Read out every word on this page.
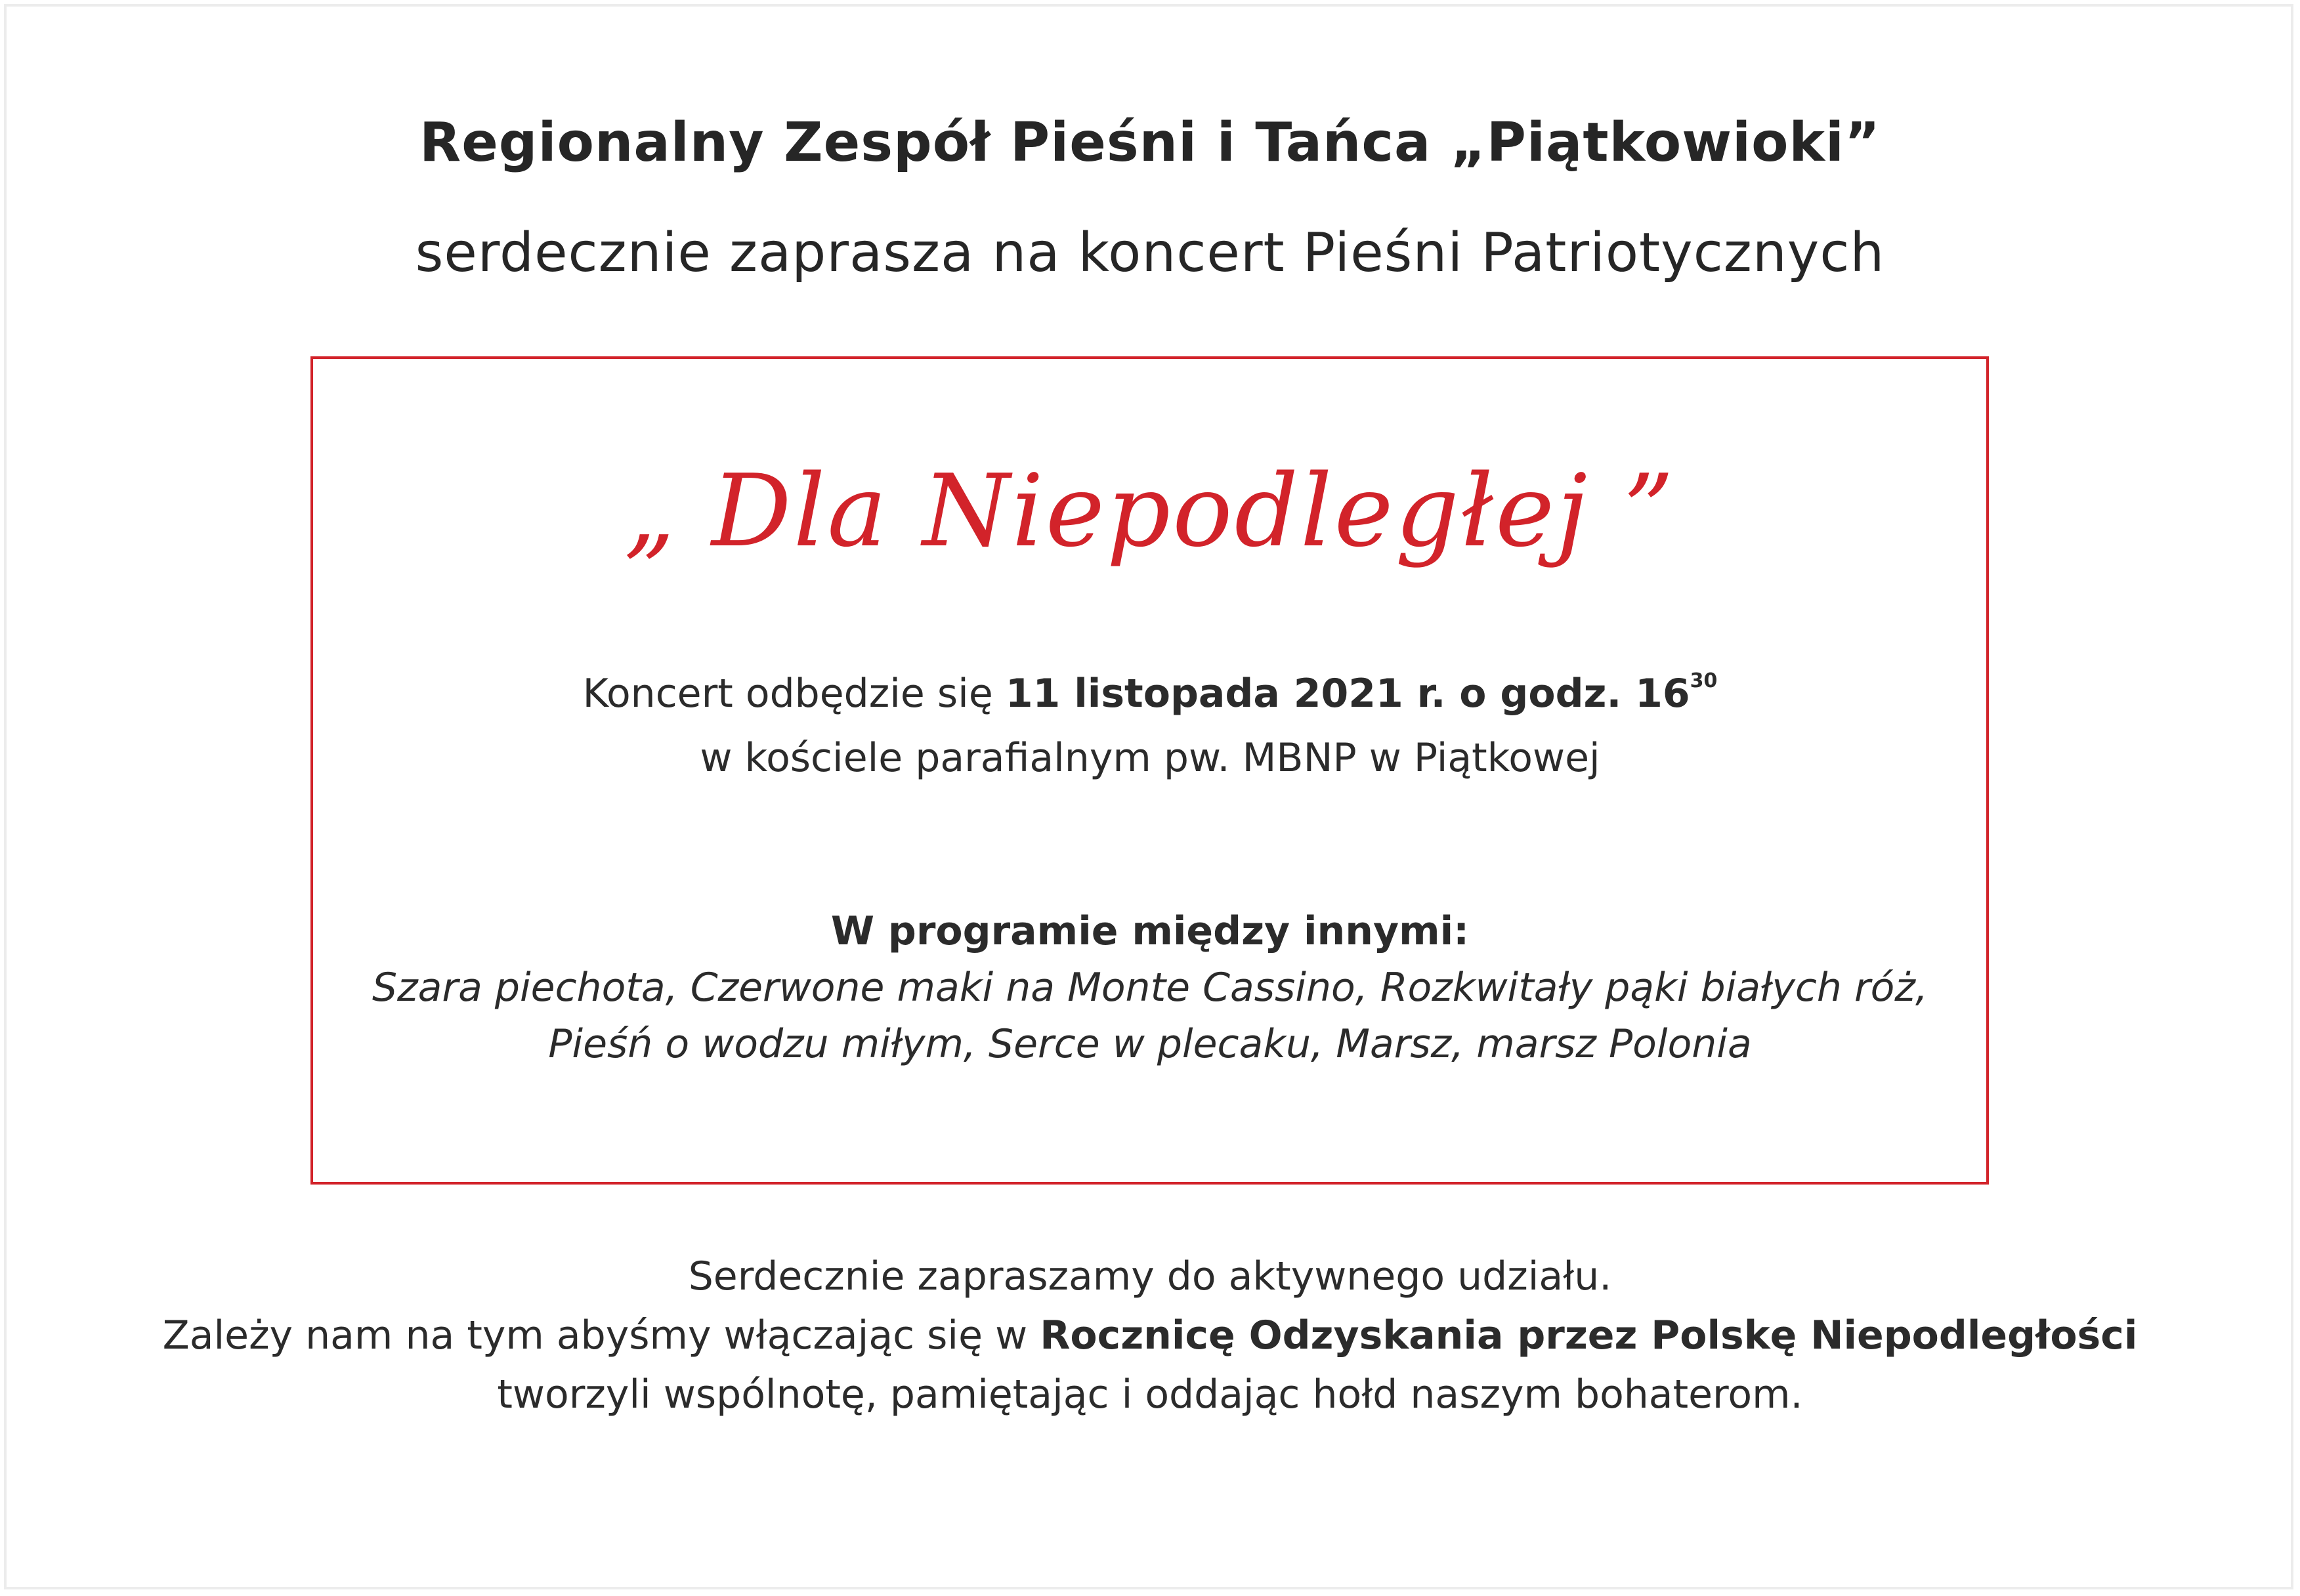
Regionalny Zespół Pieśni i Tańca „Piątkowioki”
serdecznie zaprasza na koncert Pieśni Patriotycznych
„ Dla Niepodległej ”
Koncert odbędzie się 11 listopada 2021 r. o godz. $16^{30}$
w kościele parafialnym pw. MBNP w Piątkowej
W programie między innymi:
Szara piechota, Czerwone maki na Monte Cassino, Rozkwitały pąki białych róż,
Pieśń o wodzu miłym, Serce w plecaku, Marsz, marsz Polonia
Serdecznie zapraszamy do aktywnego udziału.
Zależy nam na tym abyśmy włączając się w Rocznicę Odzyskania przez Polskę Niepodległości
tworzyli wspólnotę, pamiętając i oddając hołd naszym bohaterom.
